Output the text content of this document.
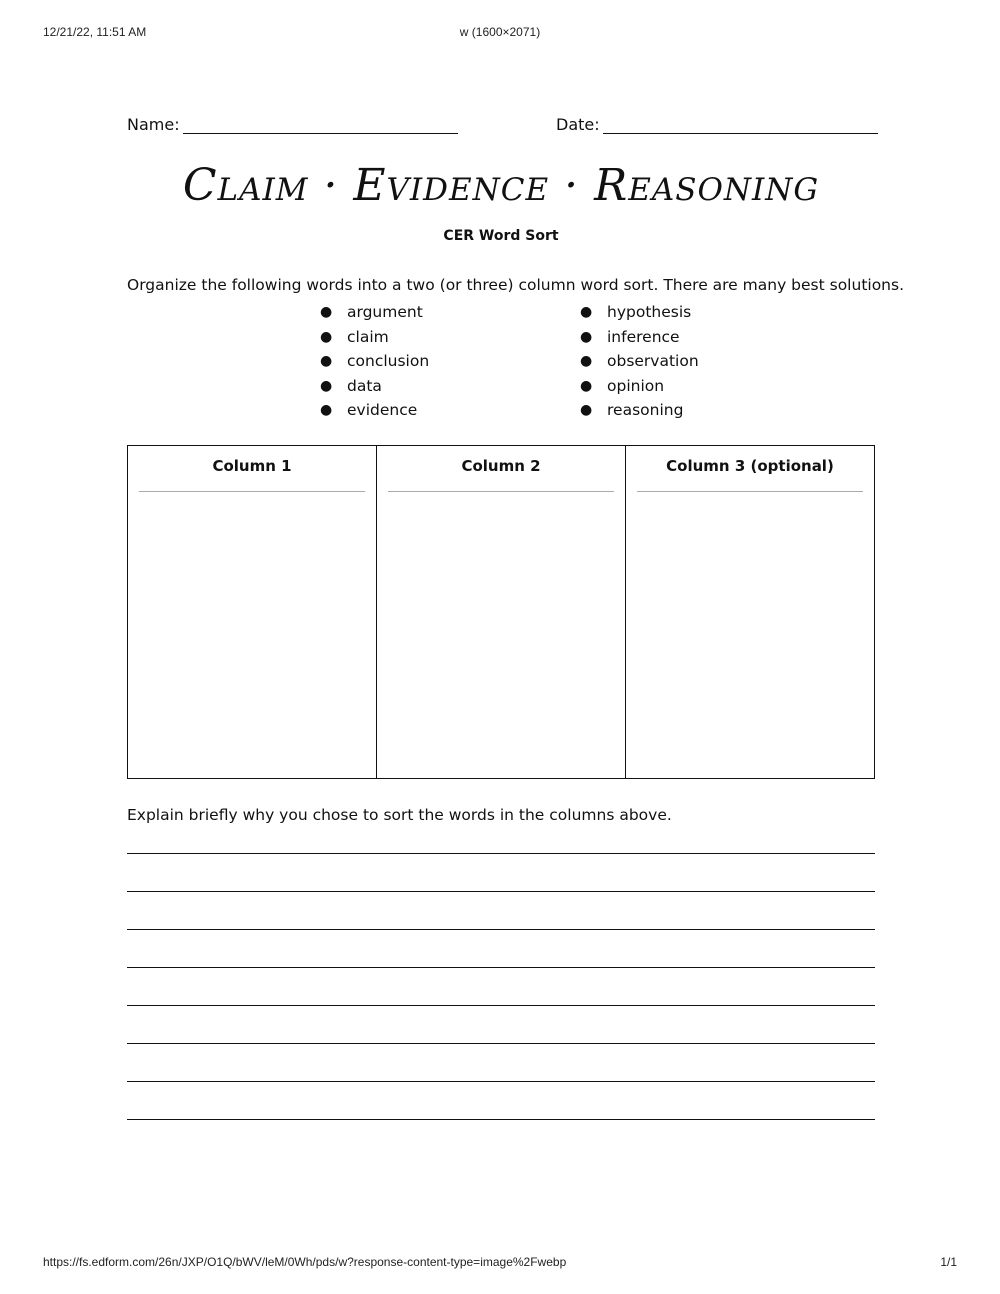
12/21/22, 11:51 AM	w (1600×2071)
Name:	Date:
Claim · Evidence · Reasoning
CER Word Sort
Organize the following words into a two (or three) column word sort. There are many best solutions.
● argument
● claim
● conclusion
● data
● evidence
● hypothesis
● inference
● observation
● opinion
● reasoning
Column 1	Column 2	Column 3 (optional)
Explain briefly why you chose to sort the words in the columns above.
https://fs.edform.com/26n/JXP/O1Q/bWV/leM/0Wh/pds/w?response-content-type=image%2Fwebp	1/1
